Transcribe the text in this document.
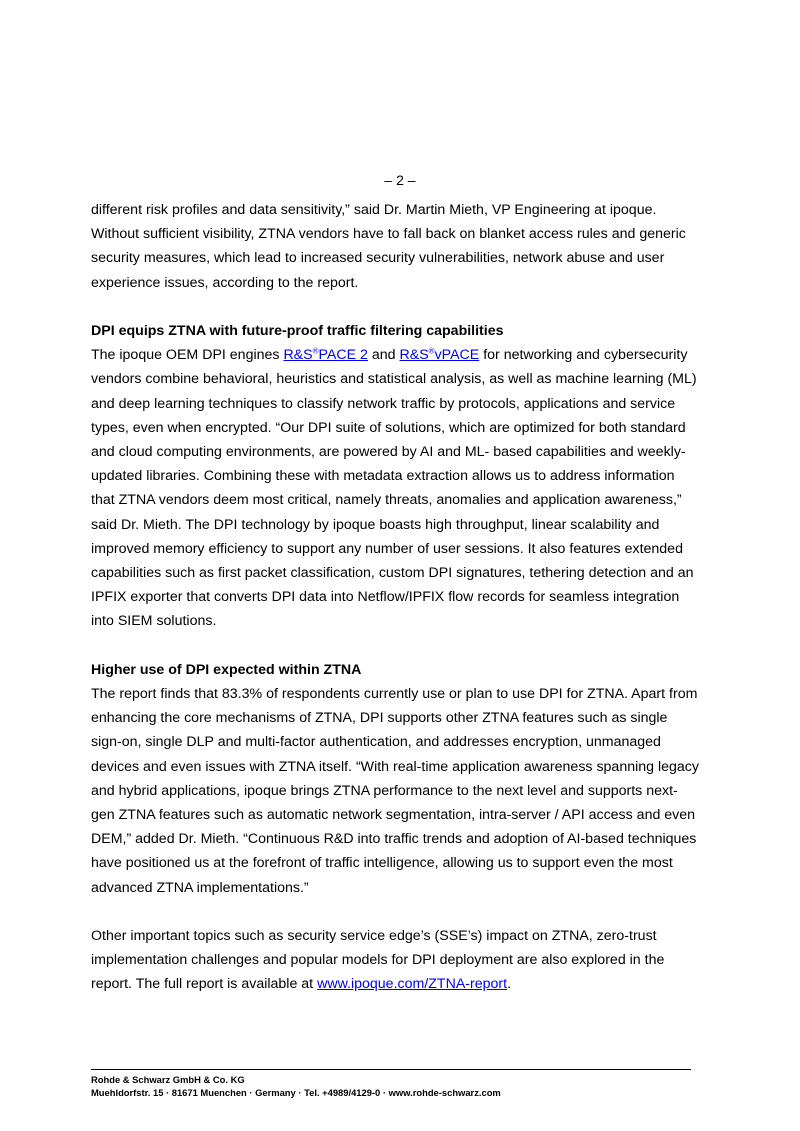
– 2 –

different risk profiles and data sensitivity,” said Dr. Martin Mieth, VP Engineering at ipoque. Without sufficient visibility, ZTNA vendors have to fall back on blanket access rules and generic security measures, which lead to increased security vulnerabilities, network abuse and user experience issues, according to the report.

DPI equips ZTNA with future-proof traffic filtering capabilities

The ipoque OEM DPI engines R&S®PACE 2 and R&S®vPACE for networking and cybersecurity vendors combine behavioral, heuristics and statistical analysis, as well as machine learning (ML) and deep learning techniques to classify network traffic by protocols, applications and service types, even when encrypted. “Our DPI suite of solutions, which are optimized for both standard and cloud computing environments, are powered by AI and ML- based capabilities and weekly-updated libraries. Combining these with metadata extraction allows us to address information that ZTNA vendors deem most critical, namely threats, anomalies and application awareness,” said Dr. Mieth. The DPI technology by ipoque boasts high throughput, linear scalability and improved memory efficiency to support any number of user sessions. It also features extended capabilities such as first packet classification, custom DPI signatures, tethering detection and an IPFIX exporter that converts DPI data into Netflow/IPFIX flow records for seamless integration into SIEM solutions.

Higher use of DPI expected within ZTNA

The report finds that 83.3% of respondents currently use or plan to use DPI for ZTNA. Apart from enhancing the core mechanisms of ZTNA, DPI supports other ZTNA features such as single sign-on, single DLP and multi-factor authentication, and addresses encryption, unmanaged devices and even issues with ZTNA itself. “With real-time application awareness spanning legacy and hybrid applications, ipoque brings ZTNA performance to the next level and supports next-gen ZTNA features such as automatic network segmentation, intra-server / API access and even DEM,” added Dr. Mieth. “Continuous R&D into traffic trends and adoption of AI-based techniques have positioned us at the forefront of traffic intelligence, allowing us to support even the most advanced ZTNA implementations.”

Other important topics such as security service edge’s (SSE’s) impact on ZTNA, zero-trust implementation challenges and popular models for DPI deployment are also explored in the report. The full report is available at www.ipoque.com/ZTNA-report.

Rohde & Schwarz GmbH & Co. KG
Muehldorfstr. 15 · 81671 Muenchen · Germany · Tel. +4989/4129-0 · www.rohde-schwarz.com
